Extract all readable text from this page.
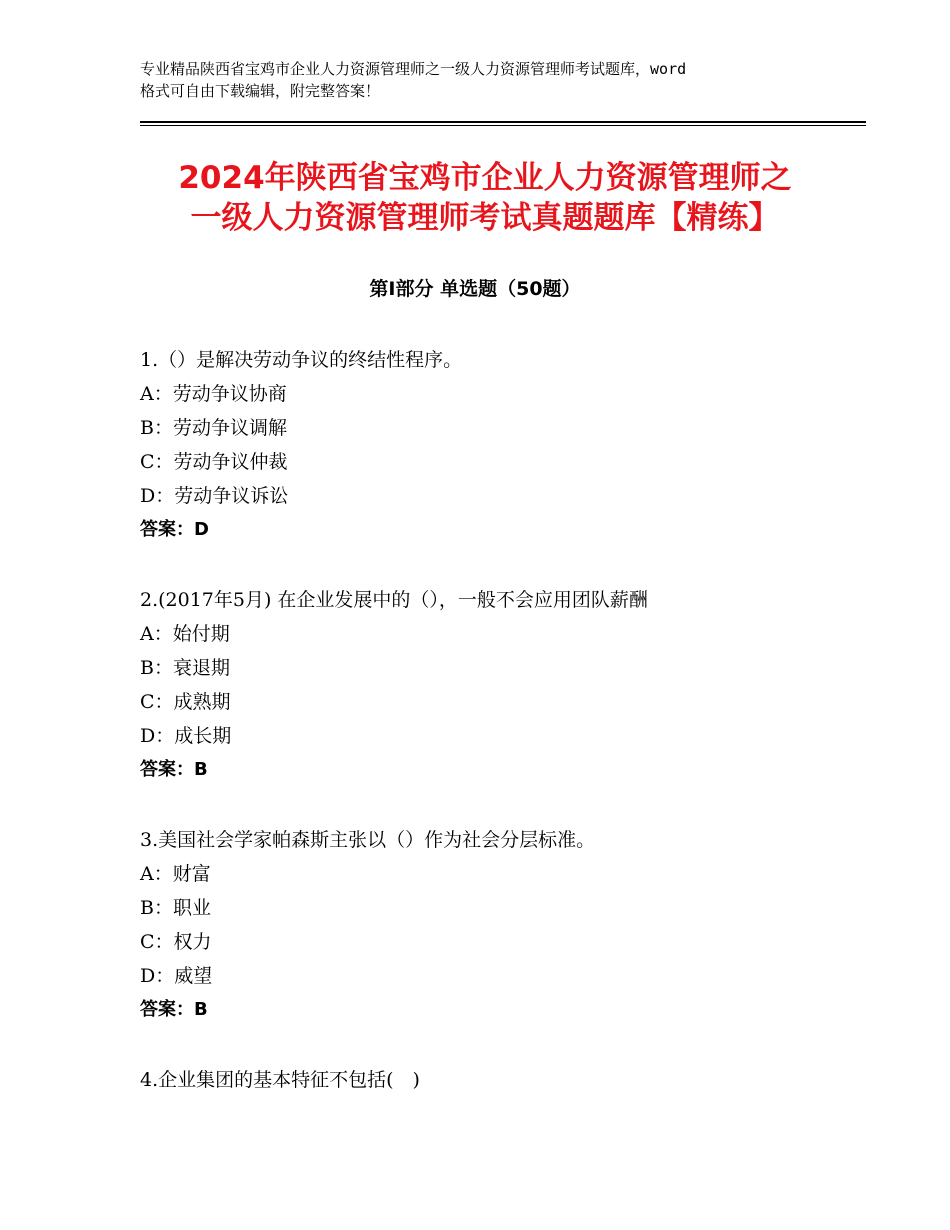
专业精品陕西省宝鸡市企业人力资源管理师之一级人力资源管理师考试题库，word
格式可自由下载编辑，附完整答案！
2024年陕西省宝鸡市企业人力资源管理师之
一级人力资源管理师考试真题题库【精练】
第Ⅰ部分 单选题（50题）
1.（）是解决劳动争议的终结性程序。
A：劳动争议协商
B：劳动争议调解
C：劳动争议仲裁
D：劳动争议诉讼
答案：D
2.(2017年5月) 在企业发展中的（），一般不会应用团队薪酬
A：始付期
B：衰退期
C：成熟期
D：成长期
答案：B
3.美国社会学家帕森斯主张以（）作为社会分层标准。
A：财富
B：职业
C：权力
D：威望
答案：B
4.企业集团的基本特征不包括(　)
